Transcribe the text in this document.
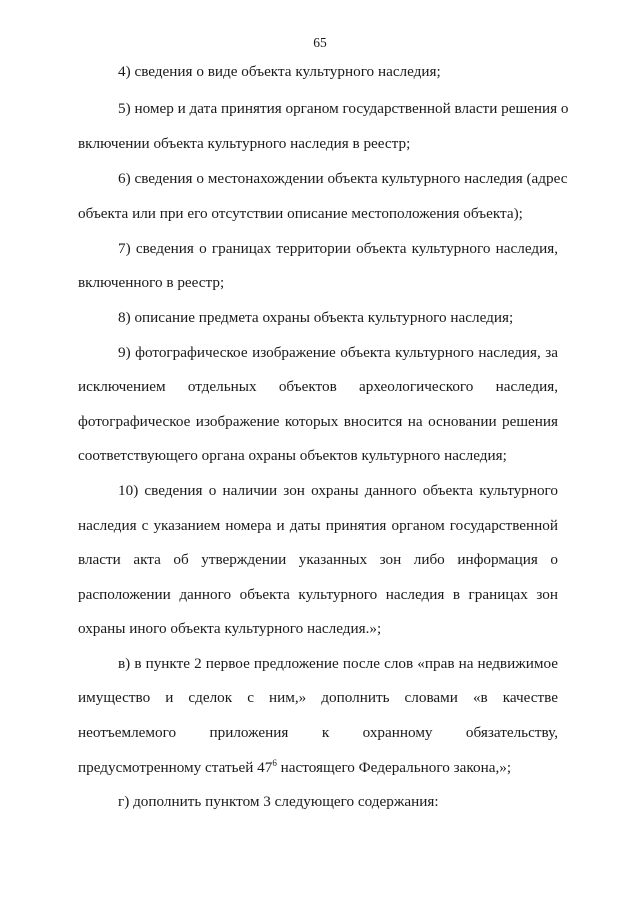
65
4) сведения о виде объекта культурного наследия;
5) номер и дата принятия органом государственной власти решения о
включении объекта культурного наследия в реестр;
6) сведения о местонахождении объекта культурного наследия (адрес
объекта или при его отсутствии описание местоположения объекта);
7) сведения о границах территории объекта культурного наследия,
включенного в реестр;
8) описание предмета охраны объекта культурного наследия;
9) фотографическое изображение объекта культурного наследия, за
исключением отдельных объектов археологического наследия,
фотографическое изображение которых вносится на основании решения
соответствующего органа охраны объектов культурного наследия;
10) сведения о наличии зон охраны данного объекта культурного
наследия с указанием номера и даты принятия органом государственной
власти акта об утверждении указанных зон либо информация о
расположении данного объекта культурного наследия в границах зон
охраны иного объекта культурного наследия.»;
в) в пункте 2 первое предложение после слов «прав на недвижимое
имущество и сделок с ним,» дополнить словами «в качестве
неотъемлемого приложения к охранному обязательству,
предусмотренному статьей $47^6$ настоящего Федерального закона,»;
г) дополнить пунктом 3 следующего содержания:
